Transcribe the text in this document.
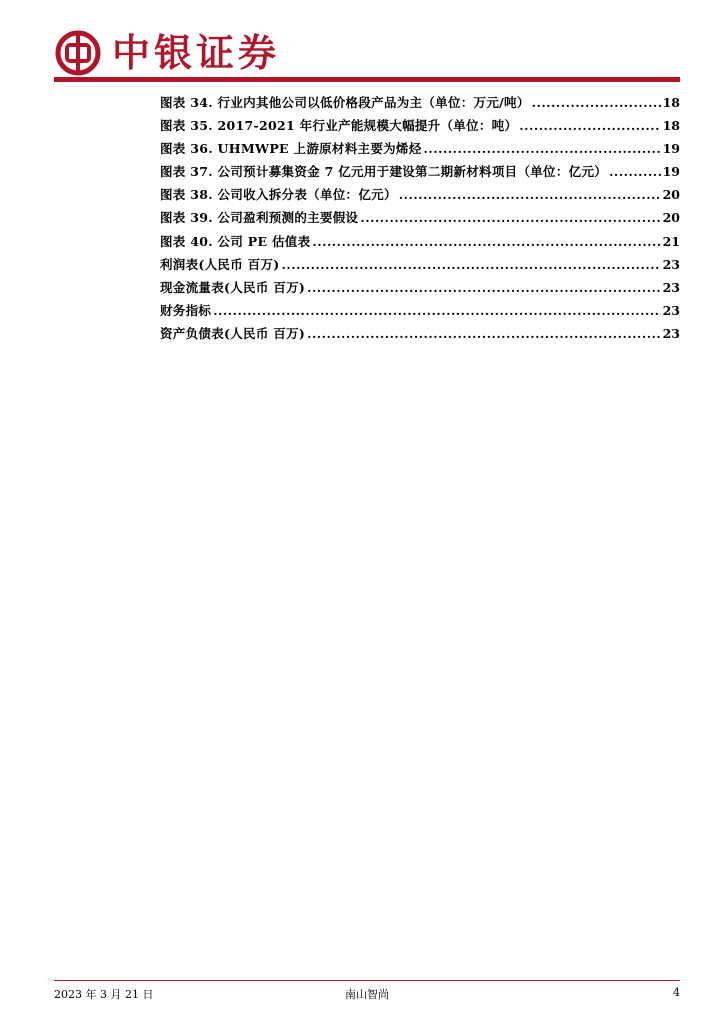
中银证券
图表 34. 行业内其他公司以低价格段产品为主（单位：万元/吨） .....	18
图表 35. 2017-2021 年行业产能规模大幅提升（单位：吨） .....	18
图表 36. UHMWPE 上游原材料主要为烯烃 .....	19
图表 37. 公司预计募集资金 7 亿元用于建设第二期新材料项目（单位：亿元） .....	19
图表 38. 公司收入拆分表（单位：亿元） .....	20
图表 39. 公司盈利预测的主要假设 .....	20
图表 40. 公司 PE 估值表 .....	21
利润表(人民币 百万) .....	23
现金流量表(人民币 百万) .....	23
财务指标 .....	23
资产负债表(人民币 百万) .....	23
2023 年 3 月 21 日	南山智尚	4
